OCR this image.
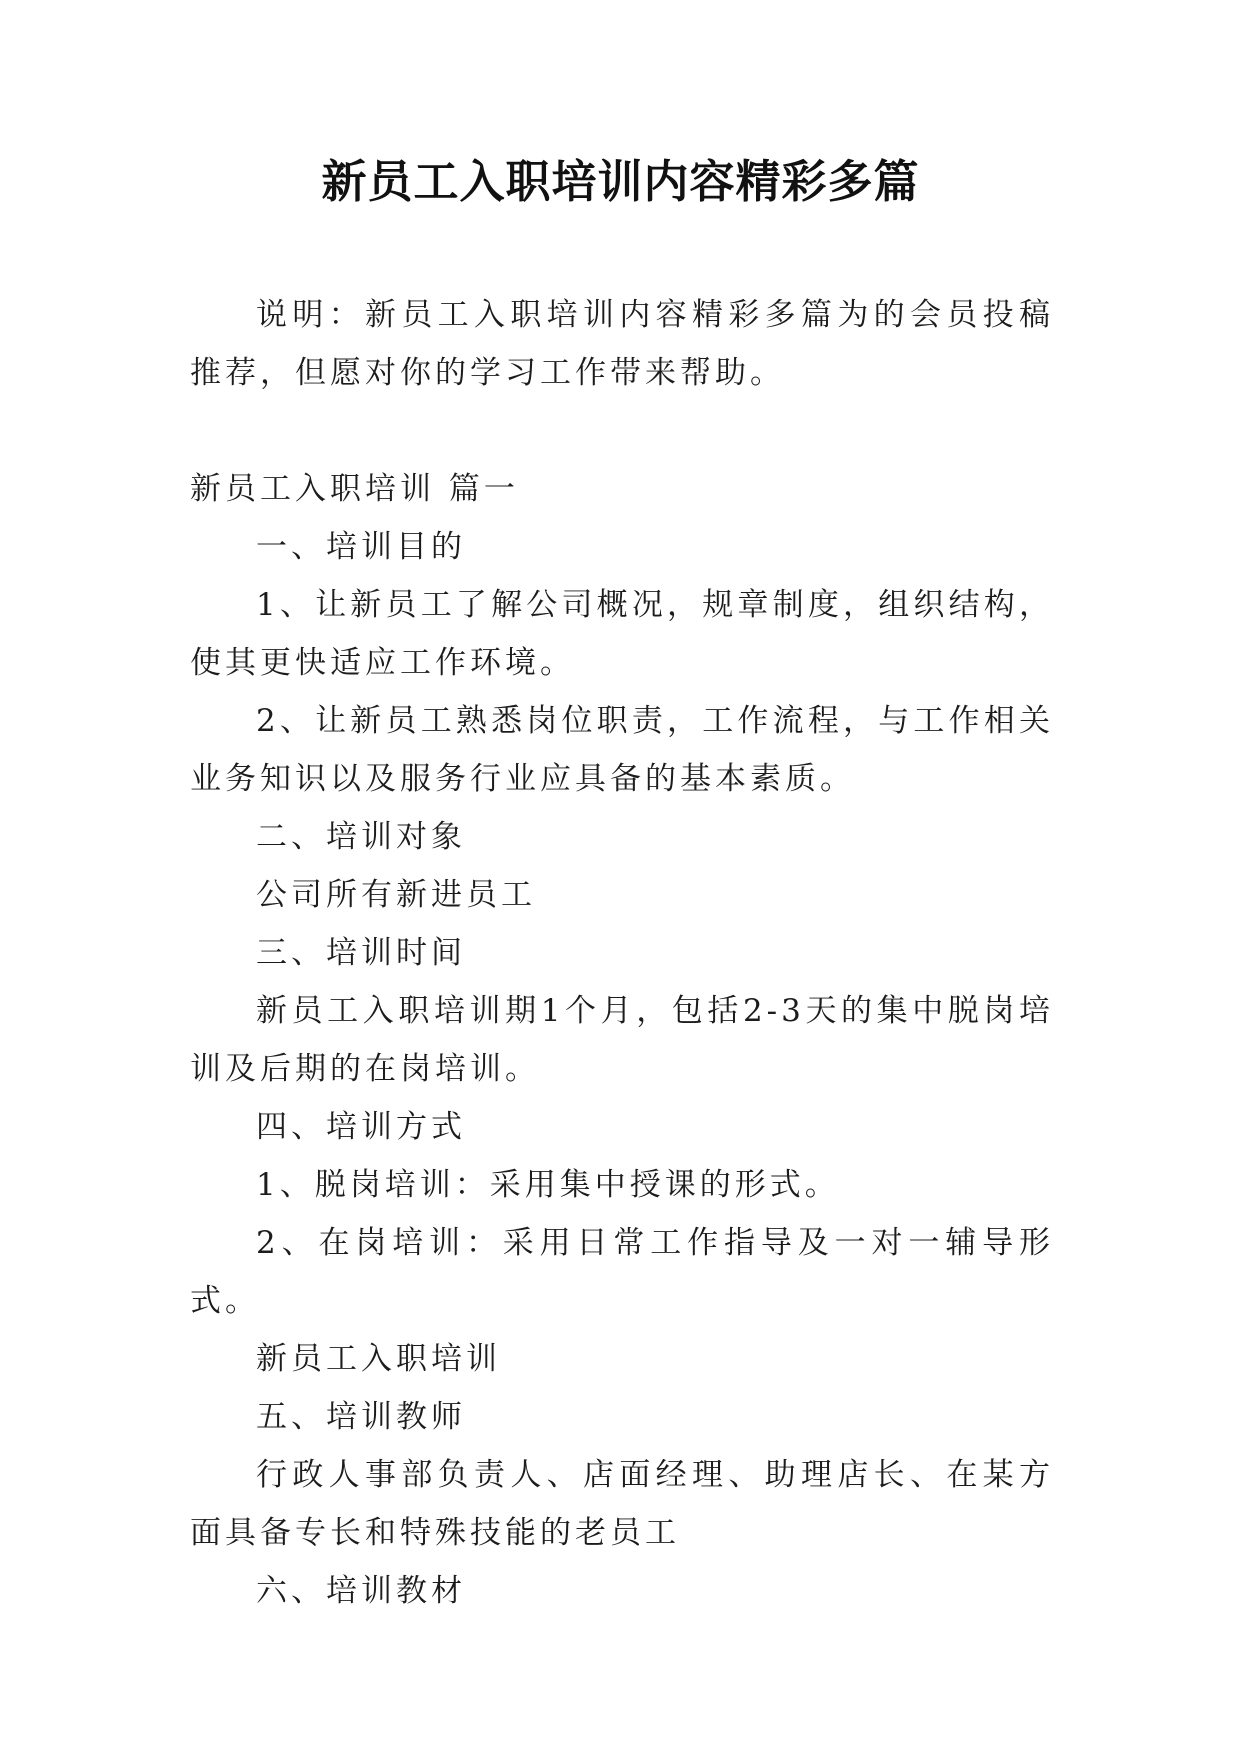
新员工入职培训内容精彩多篇

说明：新员工入职培训内容精彩多篇为的会员投稿推荐，但愿对你的学习工作带来帮助。

新员工入职培训 篇一

一、培训目的

1、让新员工了解公司概况，规章制度，组织结构，使其更快适应工作环境。

2、让新员工熟悉岗位职责，工作流程，与工作相关业务知识以及服务行业应具备的基本素质。

二、培训对象

公司所有新进员工

三、培训时间

新员工入职培训期1个月，包括2-3天的集中脱岗培训及后期的在岗培训。

四、培训方式

1、脱岗培训：采用集中授课的形式。

2、在岗培训：采用日常工作指导及一对一辅导形式。

新员工入职培训

五、培训教师

行政人事部负责人、店面经理、助理店长、在某方面具备专长和特殊技能的老员工

六、培训教材
